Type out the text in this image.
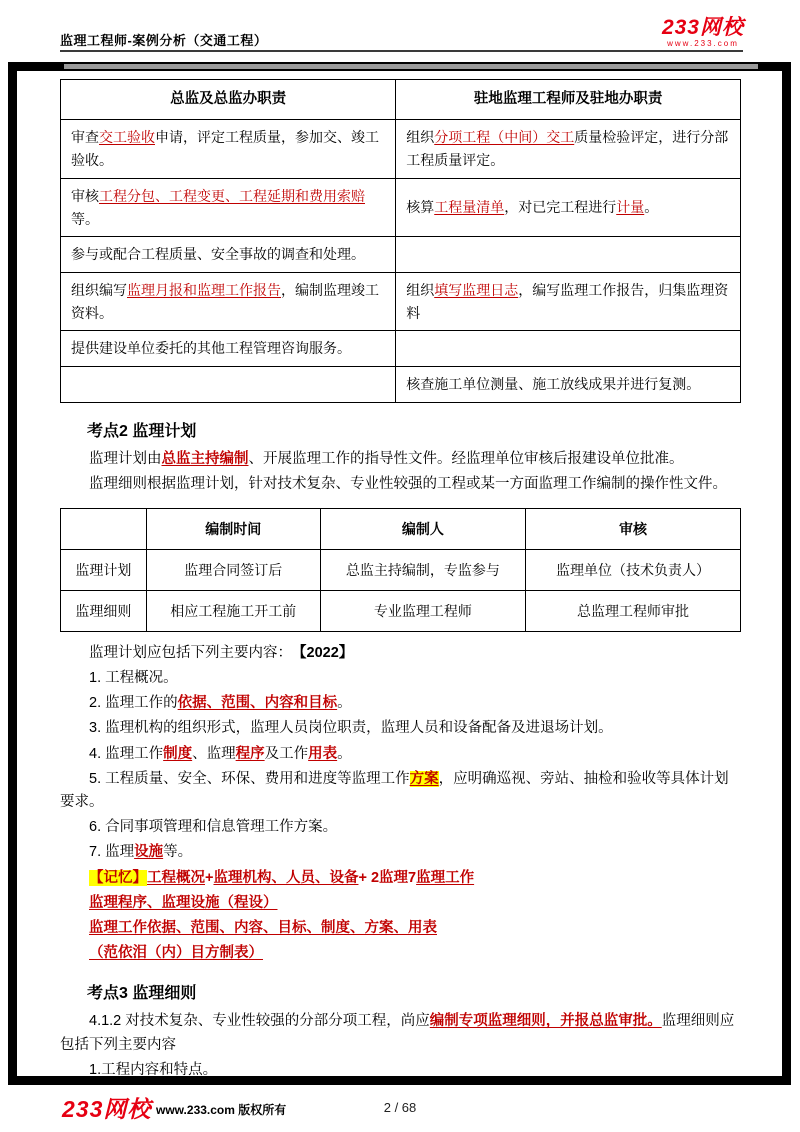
监理工程师-案例分析（交通工程）
233网校
www.233.com
总监及总监办职责	驻地监理工程师及驻地办职责
审查交工验收申请，评定工程质量，参加交、竣工验收。	组织分项工程（中间）交工质量检验评定，进行分部工程质量评定。
审核工程分包、工程变更、工程延期和费用索赔等。	核算工程量清单，对已完工程进行计量。
参与或配合工程质量、安全事故的调查和处理。	
组织编写监理月报和监理工作报告，编制监理竣工资料。	组织填写监理日志，编写监理工作报告，归集监理资料
提供建设单位委托的其他工程管理咨询服务。	
	核查施工单位测量、施工放线成果并进行复测。
考点2 监理计划

监理计划由总监主持编制、开展监理工作的指导性文件。经监理单位审核后报建设单位批准。

监理细则根据监理计划，针对技术复杂、专业性较强的工程或某一方面监理工作编制的操作性文件。

	编制时间	编制人	审核
监理计划	监理合同签订后	总监主持编制，专监参与	监理单位（技术负责人）
监理细则	相应工程施工开工前	专业监理工程师	总监理工程师审批

监理计划应包括下列主要内容：　【2022】

1. 工程概况。

2. 监理工作的依据、范围、内容和目标。

3. 监理机构的组织形式，监理人员岗位职责，监理人员和设备配备及进退场计划。

4. 监理工作制度、监理程序及工作用表。

5. 工程质量、安全、环保、费用和进度等监理工作方案，应明确巡视、旁站、抽检和验收等具体计划要求。

6. 合同事项管理和信息管理工作方案。

7. 监理设施等。

【记忆】工程概况+监理机构、人员、设备+ 2监理7监理工作

监理程序、监理设施（程设）

监理工作依据、范围、内容、目标、制度、方案、用表

（范依泪（内）目方制表）

考点3 监理细则

4.1.2 对技术复杂、专业性较强的分部分项工程，尚应编制专项监理细则，并报总监审批。监理细则应包括下列主要内容

1.工程内容和特点。

233网校 www.233.com 版权所有	2 / 68
